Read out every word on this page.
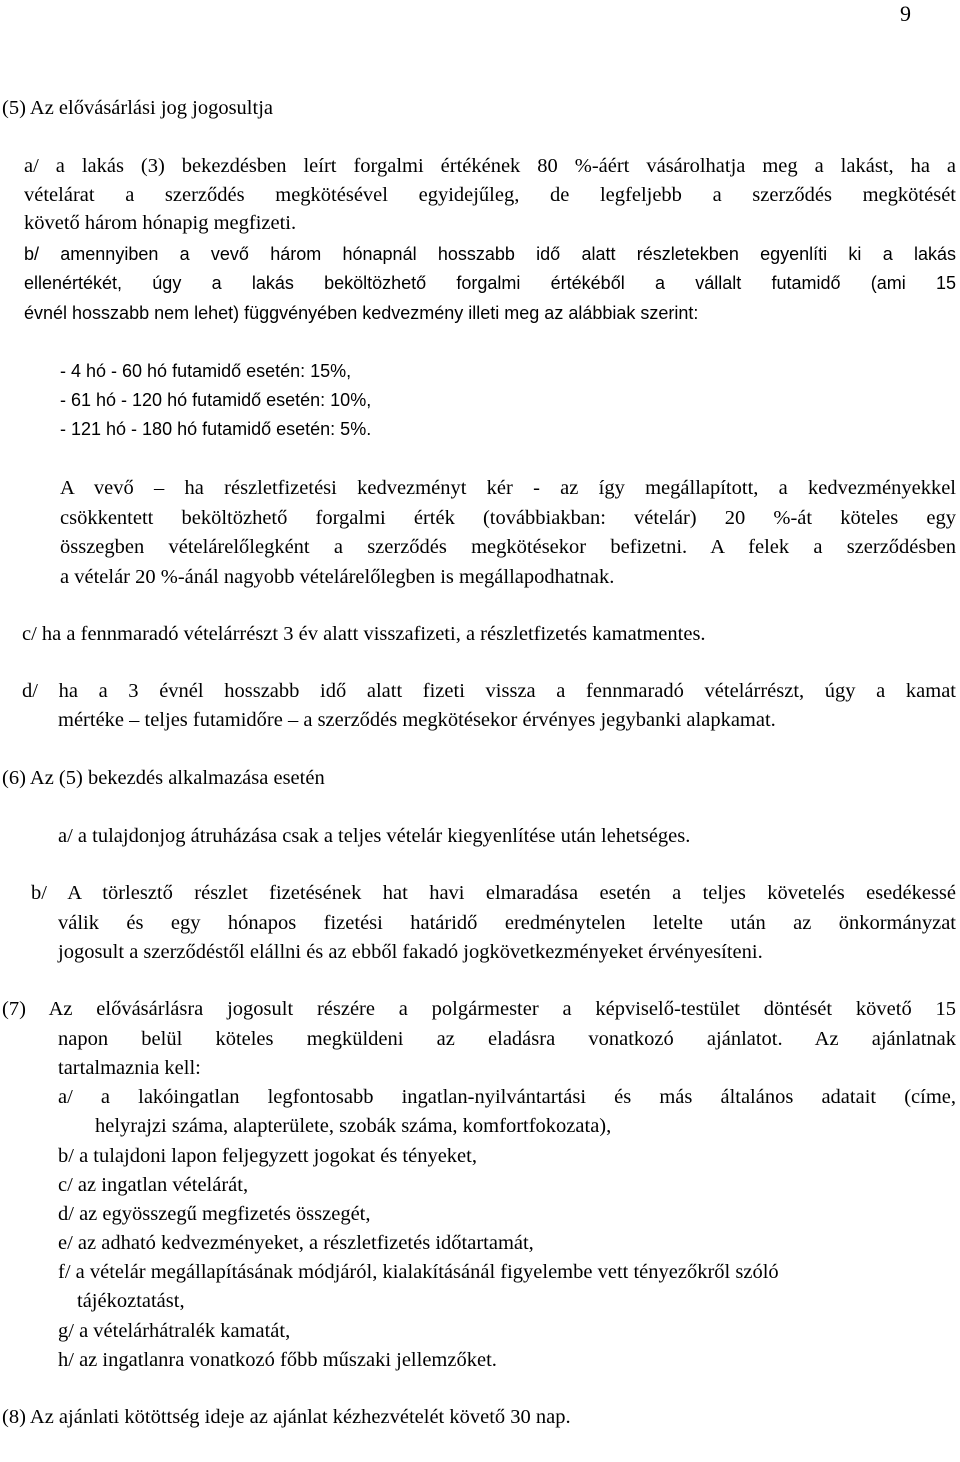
9

(5) Az elővásárlási jog jogosultja

a/ a lakás (3) bekezdésben leírt forgalmi értékének 80 %-áért vásárolhatja meg a lakást, ha a

vételárat a szerződés megkötésével egyidejűleg, de legfeljebb a szerződés megkötését

követő három hónapig megfizeti.

b/ amennyiben a vevő három hónapnál hosszabb idő alatt részletekben egyenlíti ki a lakás

ellenértékét, úgy a lakás beköltözhető forgalmi értékéből a vállalt futamidő (ami 15

évnél hosszabb nem lehet) függvényében kedvezmény illeti meg az alábbiak szerint:

- 4 hó - 60 hó futamidő esetén: 15%,

- 61 hó - 120 hó futamidő esetén: 10%,

- 121 hó - 180 hó futamidő esetén: 5%.

A vevő – ha részletfizetési kedvezményt kér - az így megállapított, a kedvezményekkel

csökkentett beköltözhető forgalmi érték (továbbiakban: vételár) 20 %-át köteles egy

összegben vételárelőlegként a szerződés megkötésekor befizetni. A felek a szerződésben

a vételár 20 %-ánál nagyobb vételárelőlegben is megállapodhatnak.

c/ ha a fennmaradó vételárrészt 3 év alatt visszafizeti, a részletfizetés kamatmentes.

d/ ha a 3 évnél hosszabb idő alatt fizeti vissza a fennmaradó vételárrészt, úgy a kamat

mértéke – teljes futamidőre – a szerződés megkötésekor érvényes jegybanki alapkamat.

(6) Az (5) bekezdés alkalmazása esetén

a/ a tulajdonjog átruházása csak a teljes vételár kiegyenlítése után lehetséges.

b/ A törlesztő részlet fizetésének hat havi elmaradása esetén a teljes követelés esedékessé

válik és egy hónapos fizetési határidő eredménytelen letelte után az önkormányzat

jogosult a szerződéstől elállni és az ebből fakadó jogkövetkezményeket érvényesíteni.

(7) Az elővásárlásra jogosult részére a polgármester a képviselő-testület döntését követő 15

napon belül köteles megküldeni az eladásra vonatkozó ajánlatot. Az ajánlatnak

tartalmaznia kell:

a/ a lakóingatlan legfontosabb ingatlan-nyilvántartási és más általános adatait (címe,

helyrajzi száma, alapterülete, szobák száma, komfortfokozata),

b/ a tulajdoni lapon feljegyzett jogokat és tényeket,

c/ az ingatlan vételárát,

d/ az egyösszegű megfizetés összegét,

e/ az adható kedvezményeket, a részletfizetés időtartamát,

f/ a vételár megállapításának módjáról, kialakításánál figyelembe vett tényezőkről szóló

tájékoztatást,

g/ a vételárhátralék kamatát,

h/ az ingatlanra vonatkozó főbb műszaki jellemzőket.

(8) Az ajánlati kötöttség ideje az ajánlat kézhezvételét követő 30 nap.
